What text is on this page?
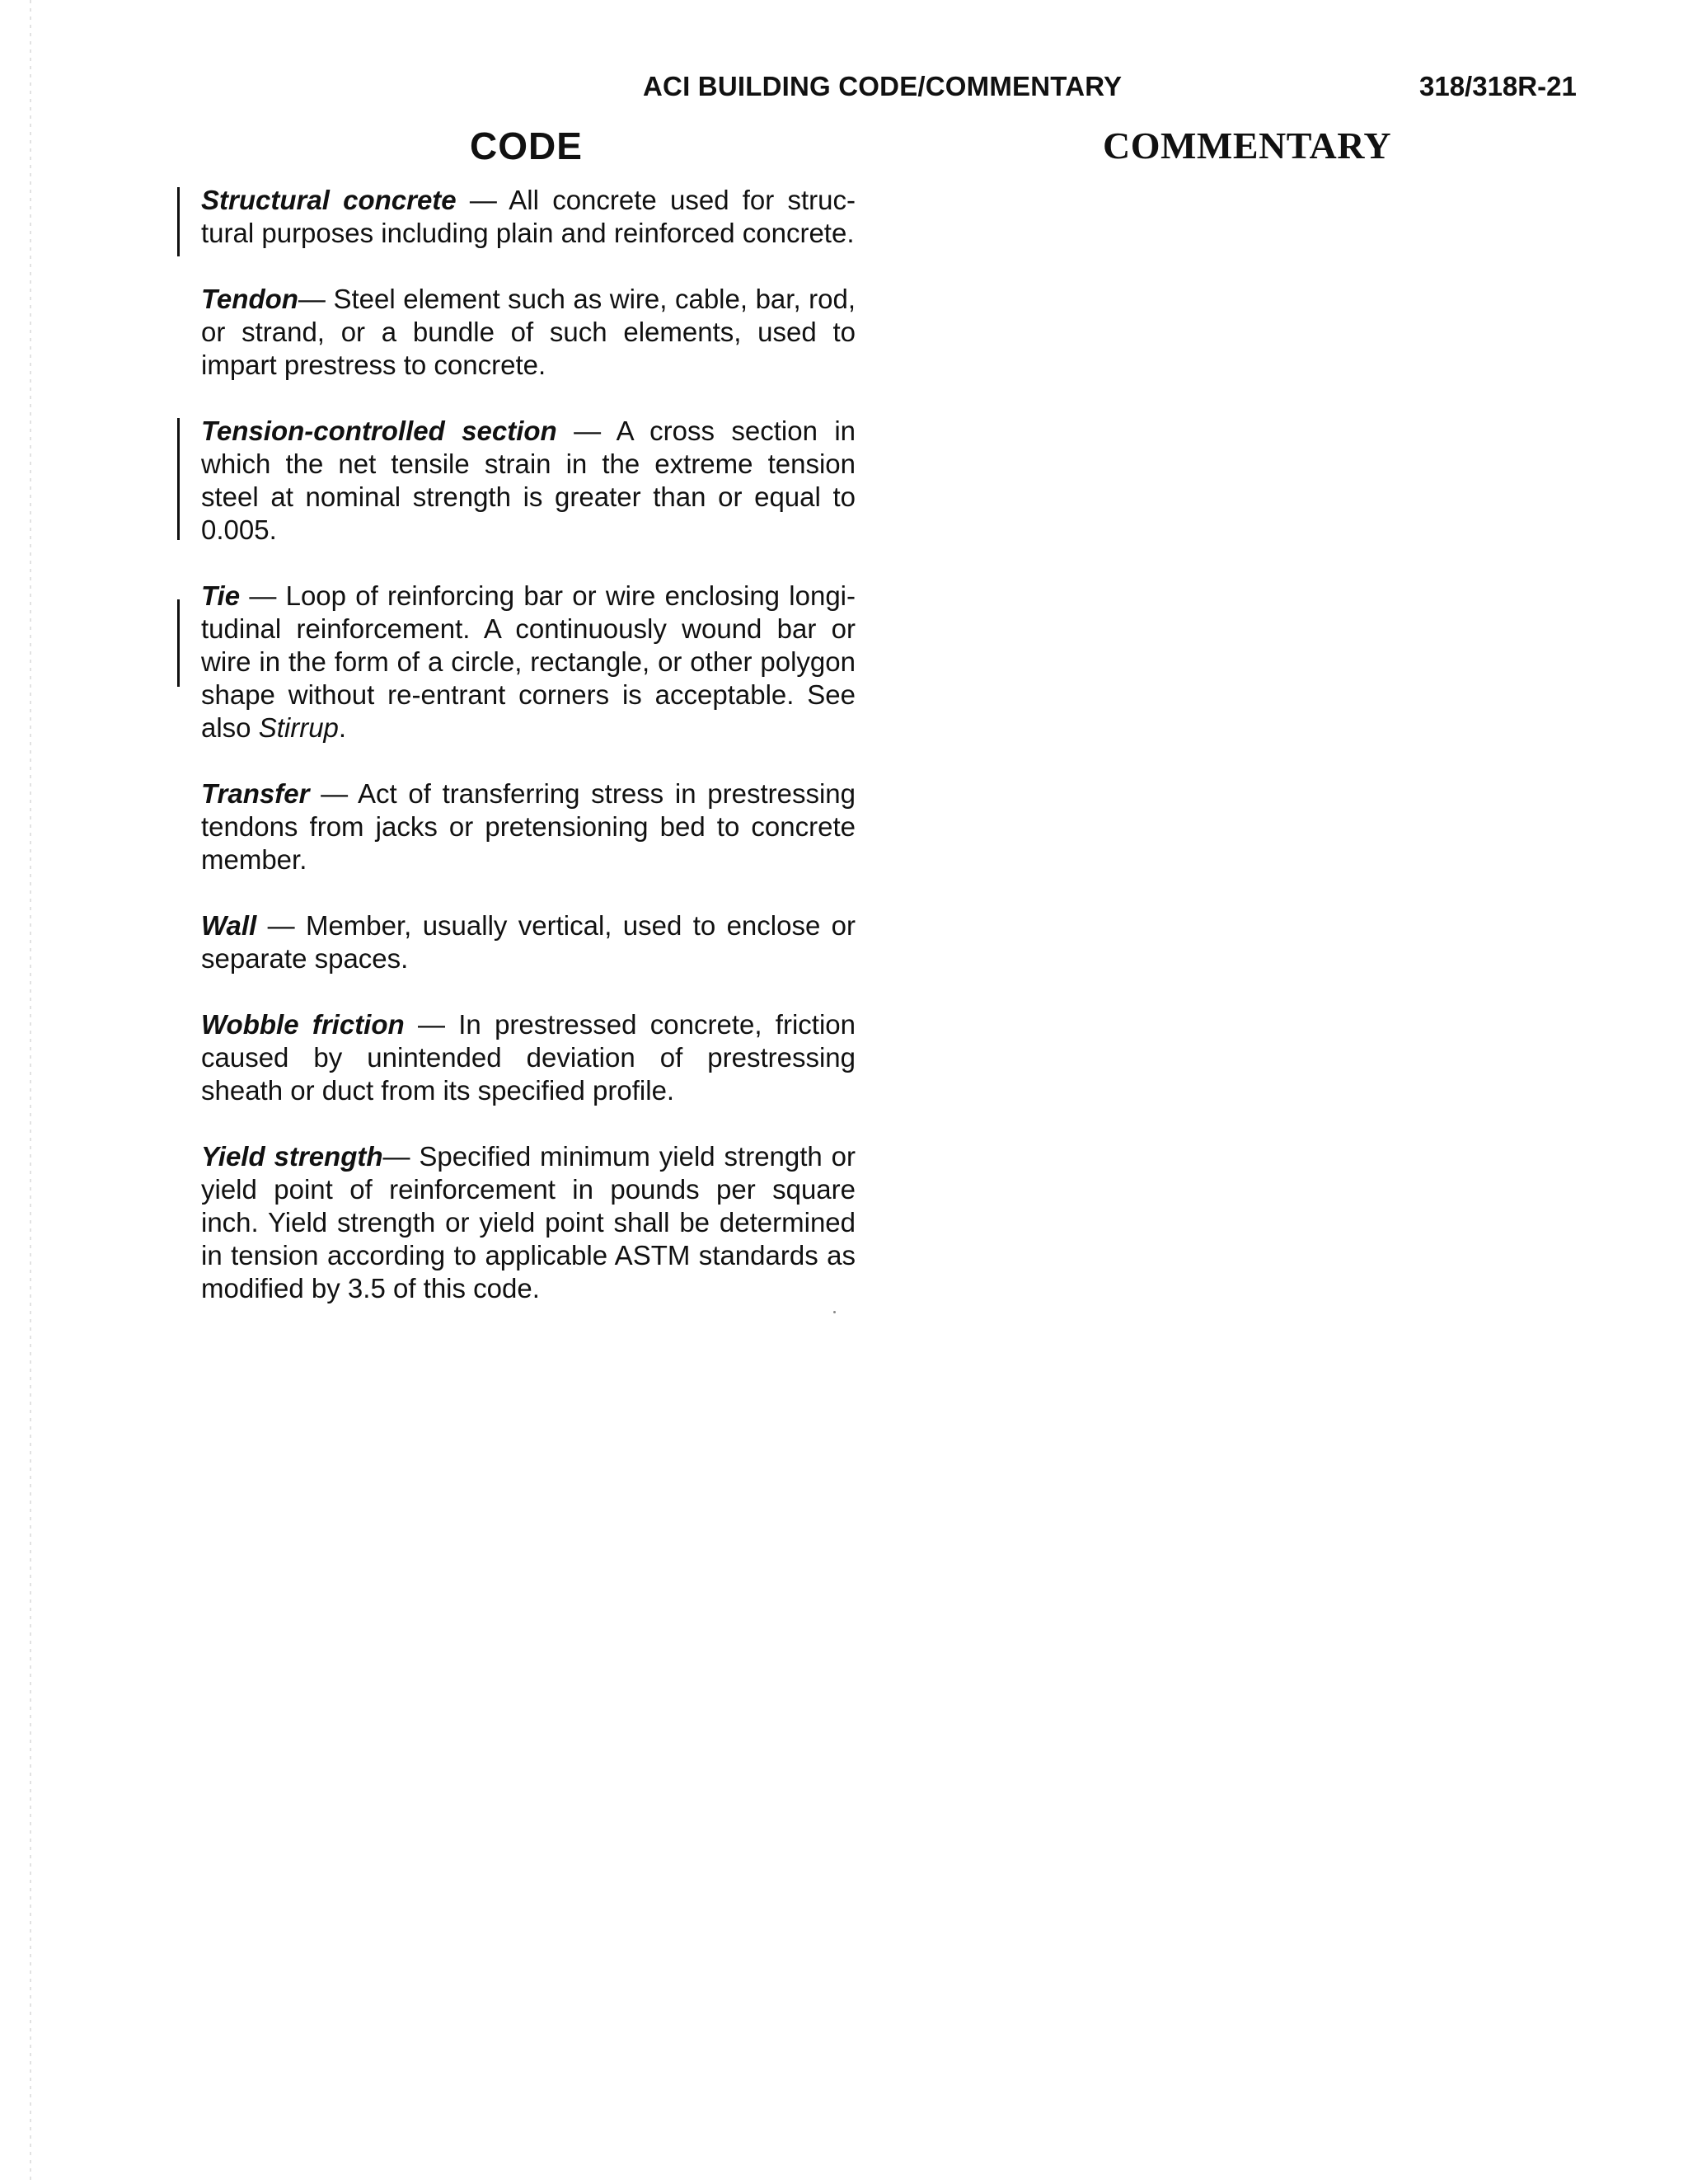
ACI BUILDING CODE/COMMENTARY	318/318R-21
CODE	COMMENTARY

Structural concrete — All concrete used for structural purposes including plain and reinforced concrete.

Tendon— Steel element such as wire, cable, bar, rod, or strand, or a bundle of such elements, used to impart prestress to concrete.

Tension-controlled section — A cross section in which the net tensile strain in the extreme tension steel at nominal strength is greater than or equal to 0.005.

Tie — Loop of reinforcing bar or wire enclosing longitudinal reinforcement. A continuously wound bar or wire in the form of a circle, rectangle, or other polygon shape without re-entrant corners is acceptable. See also Stirrup.

Transfer — Act of transferring stress in prestressing tendons from jacks or pretensioning bed to concrete member.

Wall — Member, usually vertical, used to enclose or separate spaces.

Wobble friction — In prestressed concrete, friction caused by unintended deviation of prestressing sheath or duct from its specified profile.

Yield strength— Specified minimum yield strength or yield point of reinforcement in pounds per square inch. Yield strength or yield point shall be determined in tension according to applicable ASTM standards as modified by 3.5 of this code.
